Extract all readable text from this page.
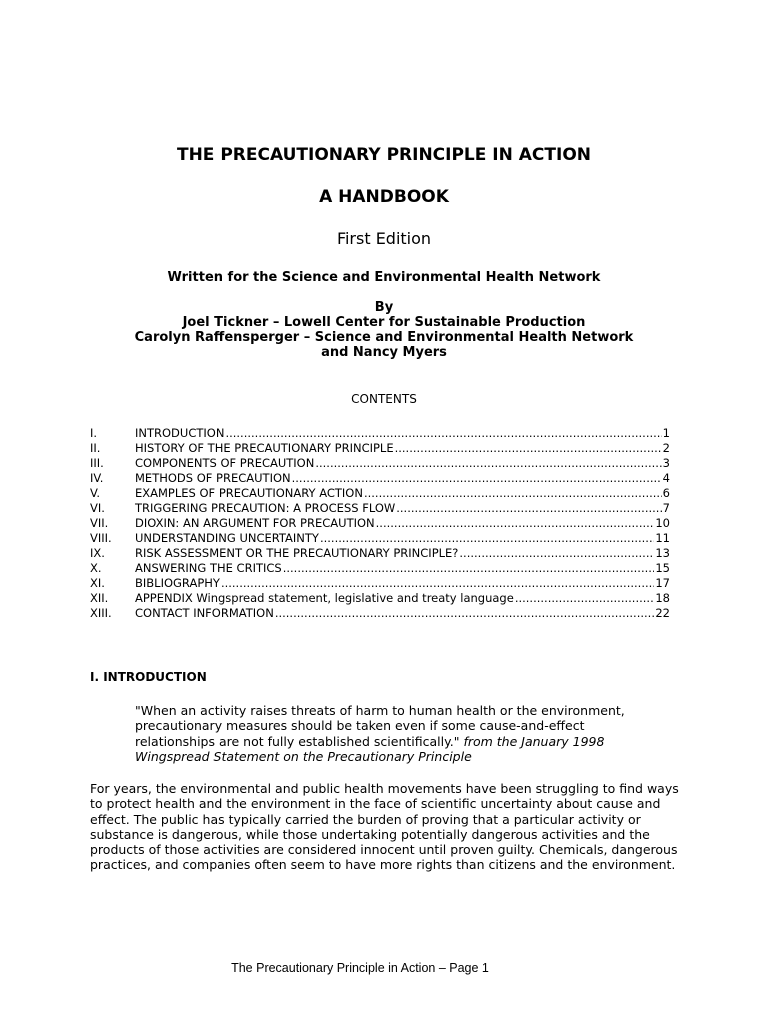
THE PRECAUTIONARY PRINCIPLE IN ACTION
A HANDBOOK
First Edition
Written for the Science and Environmental Health Network
By
Joel Tickner – Lowell Center for Sustainable Production
Carolyn Raffensperger – Science and Environmental Health Network
and Nancy Myers
CONTENTS
I.	INTRODUCTION .....	1
II.	HISTORY OF THE PRECAUTIONARY PRINCIPLE .....	2
III.	COMPONENTS OF PRECAUTION .....	3
IV.	METHODS OF PRECAUTION .....	4
V.	EXAMPLES OF PRECAUTIONARY ACTION .....	6
VI.	TRIGGERING PRECAUTION: A PROCESS FLOW .....	7
VII.	DIOXIN: AN ARGUMENT FOR PRECAUTION .....	10
VIII.	UNDERSTANDING UNCERTAINTY .....	11
IX.	RISK ASSESSMENT OR THE PRECAUTIONARY PRINCIPLE? .....	13
X.	ANSWERING THE CRITICS .....	15
XI.	BIBLIOGRAPHY .....	17
XII.	APPENDIX Wingspread statement, legislative and treaty language .....	18
XIII.	CONTACT INFORMATION .....	22
I. INTRODUCTION
"When an activity raises threats of harm to human health or the environment, precautionary measures should be taken even if some cause-and-effect relationships are not fully established scientifically." from the January 1998 Wingspread Statement on the Precautionary Principle
For years, the environmental and public health movements have been struggling to find ways to protect health and the environment in the face of scientific uncertainty about cause and effect. The public has typically carried the burden of proving that a particular activity or substance is dangerous, while those undertaking potentially dangerous activities and the products of those activities are considered innocent until proven guilty. Chemicals, dangerous practices, and companies often seem to have more rights than citizens and the environment.
The Precautionary Principle in Action – Page 1
